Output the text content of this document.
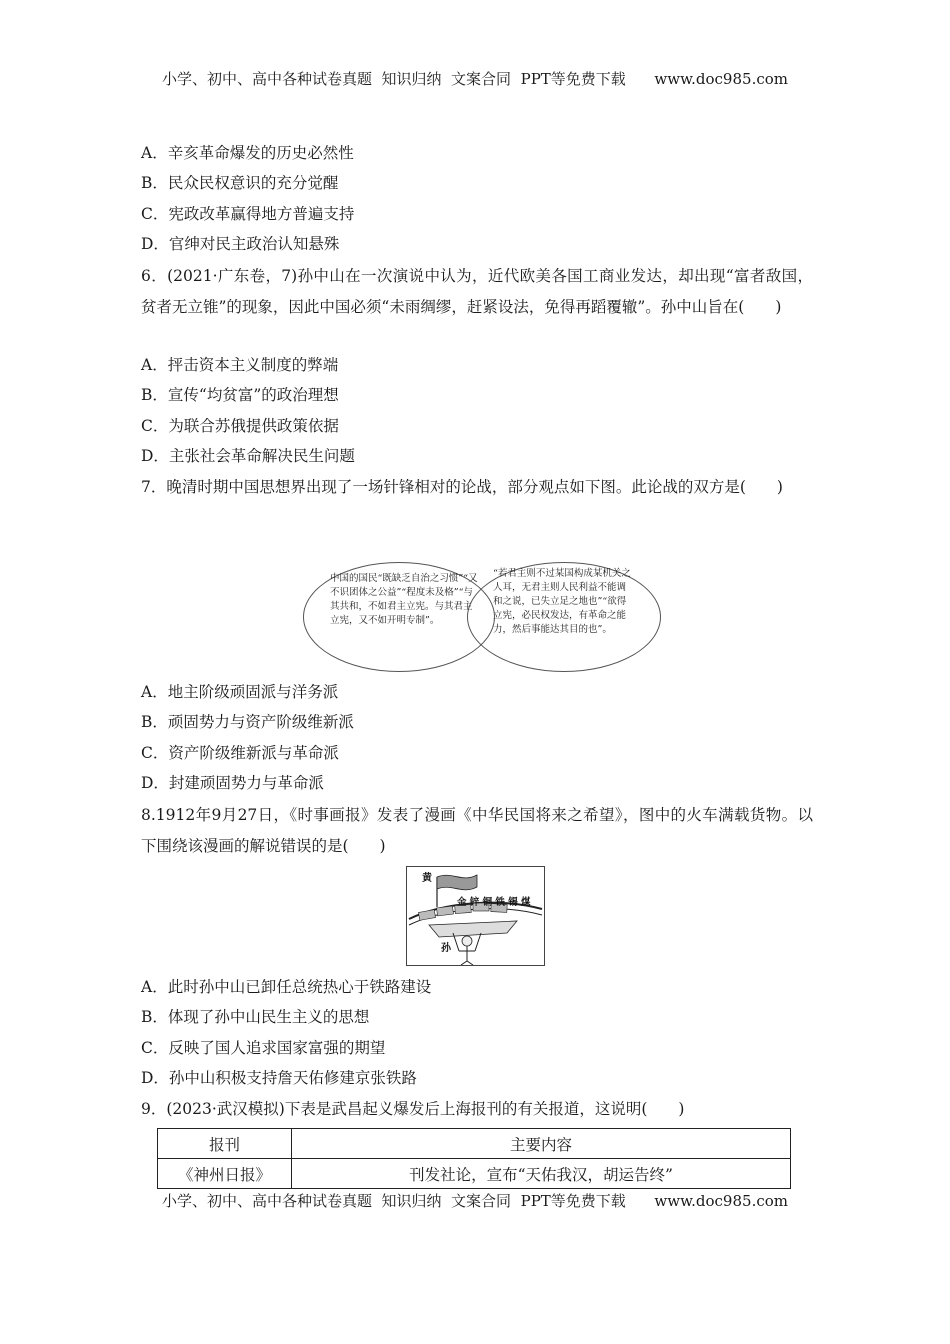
小学、初中、高中各种试卷真题  知识归纳  文案合同  PPT等免费下载      www.doc985.com
A．辛亥革命爆发的历史必然性
B．民众民权意识的充分觉醒
C．宪政改革赢得地方普遍支持
D．官绅对民主政治认知悬殊
6．(2021·广东卷，7)孙中山在一次演说中认为，近代欧美各国工商业发达，却出现“富者敌国，贫者无立锥”的现象，因此中国必须“未雨绸缪，赶紧设法，免得再蹈覆辙”。孙中山旨在(　　)
A．抨击资本主义制度的弊端
B．宣传“均贫富”的政治理想
C．为联合苏俄提供政策依据
D．主张社会革命解决民生问题
7．晚清时期中国思想界出现了一场针锋相对的论战，部分观点如下图。此论战的双方是(　　)
中国的国民“既缺乏自治之习惯”“又不识团体之公益”“程度未及格”“与其共和，不如君主立宪。与其君主立宪，又不如开明专制”。
“若君主则不过某国构成某机关之人耳，无君主则人民利益不能调和之说，已失立足之地也”“欲得立宪，必民权发达，有革命之能力，然后事能达其目的也”。
A．地主阶级顽固派与洋务派
B．顽固势力与资产阶级维新派
C．资产阶级维新派与革命派
D．封建顽固势力与革命派
8.1912年9月27日，《时事画报》发表了漫画《中华民国将来之希望》，图中的火车满载货物。以下围绕该漫画的解说错误的是(　　)
黄
金 锌 铜 铁 锡 煤
孙
A．此时孙中山已卸任总统热心于铁路建设
B．体现了孙中山民生主义的思想
C．反映了国人追求国家富强的期望
D．孙中山积极支持詹天佑修建京张铁路
9．(2023·武汉模拟)下表是武昌起义爆发后上海报刊的有关报道，这说明(　　)
报刊	主要内容
《神州日报》	刊发社论，宣布“天佑我汉，胡运告终”
小学、初中、高中各种试卷真题  知识归纳  文案合同  PPT等免费下载      www.doc985.com
